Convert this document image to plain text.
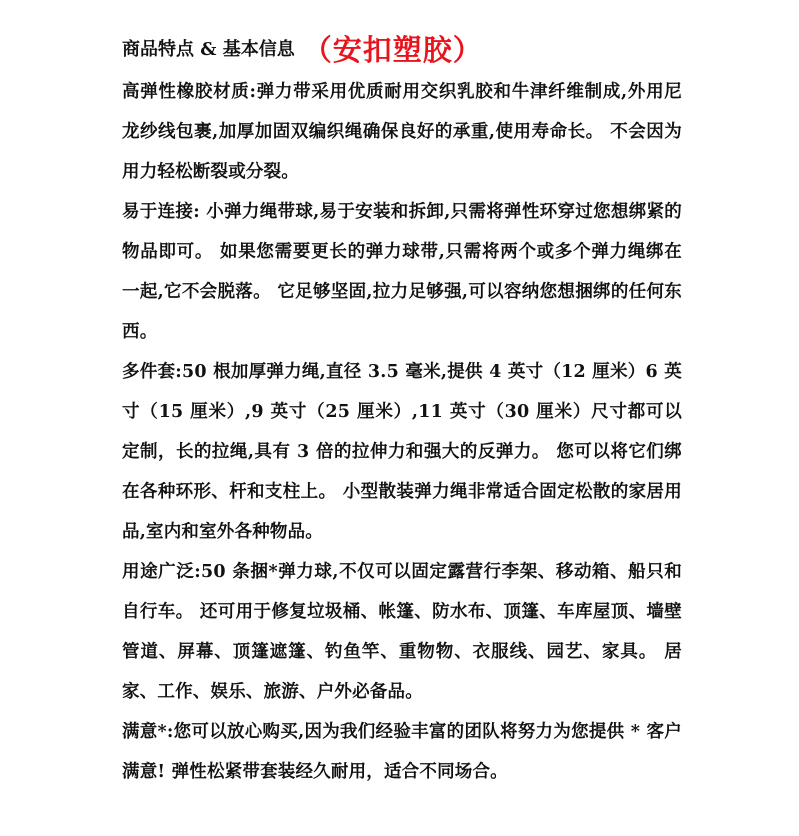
商品特点 & 基本信息 （安扣塑胶）

高弹性橡胶材质:弹力带采用优质耐用交织乳胶和牛津纤维制成,外用尼龙纱线包裹,加厚加固双编织绳确保良好的承重,使用寿命长。 不会因为用力轻松断裂或分裂。

易于连接: 小弹力绳带球,易于安装和拆卸,只需将弹性环穿过您想绑紧的物品即可。 如果您需要更长的弹力球带,只需将两个或多个弹力绳绑在一起,它不会脱落。 它足够坚固,拉力足够强,可以容纳您想捆绑的任何东西。

多件套:50 根加厚弹力绳,直径 3.5 毫米,提供 4 英寸（12 厘米）6 英寸（15 厘米）,9 英寸（25 厘米）,11 英寸（30 厘米）尺寸都可以定制，长的拉绳,具有 3 倍的拉伸力和强大的反弹力。 您可以将它们绑在各种环形、杆和支柱上。 小型散装弹力绳非常适合固定松散的家居用品,室内和室外各种物品。

用途广泛:50 条捆*弹力球,不仅可以固定露营行李架、移动箱、船只和自行车。 还可用于修复垃圾桶、帐篷、防水布、顶篷、车库屋顶、墙壁管道、屏幕、顶篷遮篷、钓鱼竿、重物物、衣服线、园艺、家具。 居家、工作、娱乐、旅游、户外必备品。

满意*:您可以放心购买,因为我们经验丰富的团队将努力为您提供 * 客户满意! 弹性松紧带套装经久耐用，适合不同场合。
